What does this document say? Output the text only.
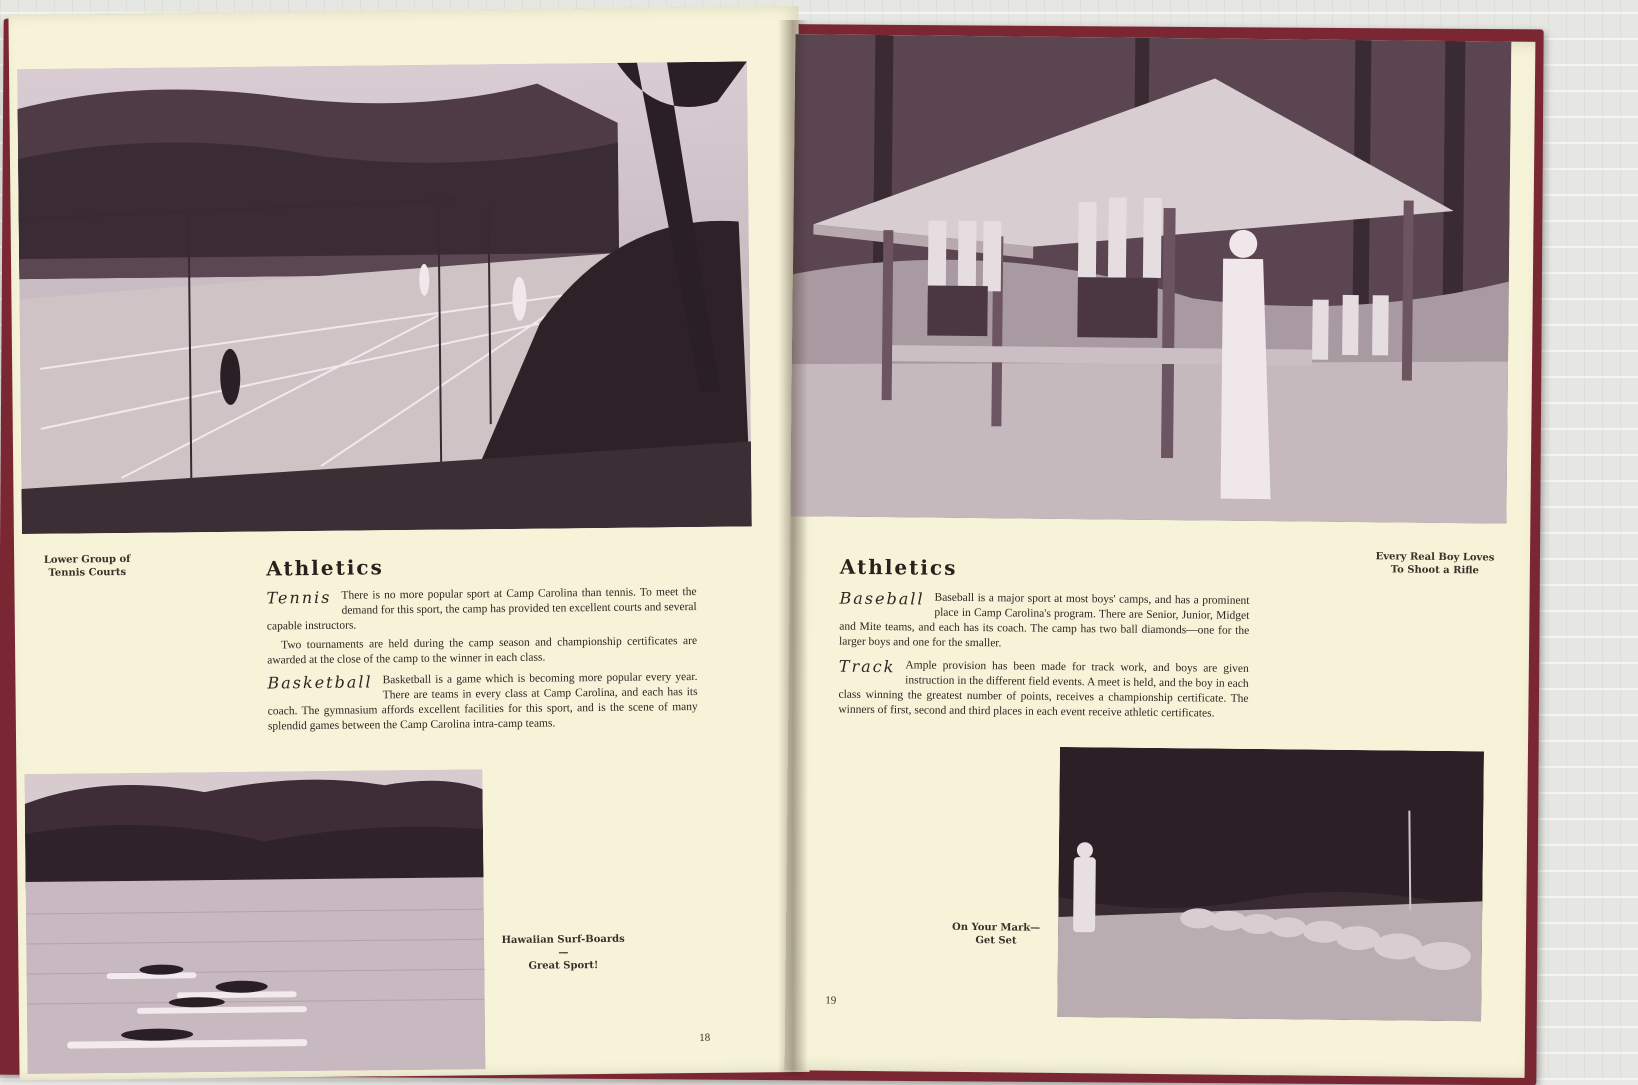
Lower Group of
Tennis Courts	Athletics

Tennis There is no more popular sport at Camp Carolina than tennis. To meet the demand for this sport, the camp has provided ten excellent courts and several capable instructors.

Two tournaments are held during the camp season and championship certificates are awarded at the close of the camp to the winner in each class.

Basketball Basketball is a game which is becoming more popular every year. There are teams in every class at Camp Carolina, and each has its coach. The gymnasium affords excellent facilities for this sport, and is the scene of many splendid games between the Camp Carolina intra-camp teams.

Hawaiian Surf-Boards—
Great Sport!
18
Every Real Boy Loves
To Shoot a Rifle
Athletics

Baseball Baseball is a major sport at most boys' camps, and has a prominent place in Camp Carolina's program. There are Senior, Junior, Midget and Mite teams, and each has its coach. The camp has two ball diamonds—one for the larger boys and one for the smaller.

Track Ample provision has been made for track work, and boys are given instruction in the different field events. A meet is held, and the boy in each class winning the greatest number of points, receives a championship certificate. The winners of first, second and third places in each event receive athletic certificates.

On Your Mark—
Get Set
19
